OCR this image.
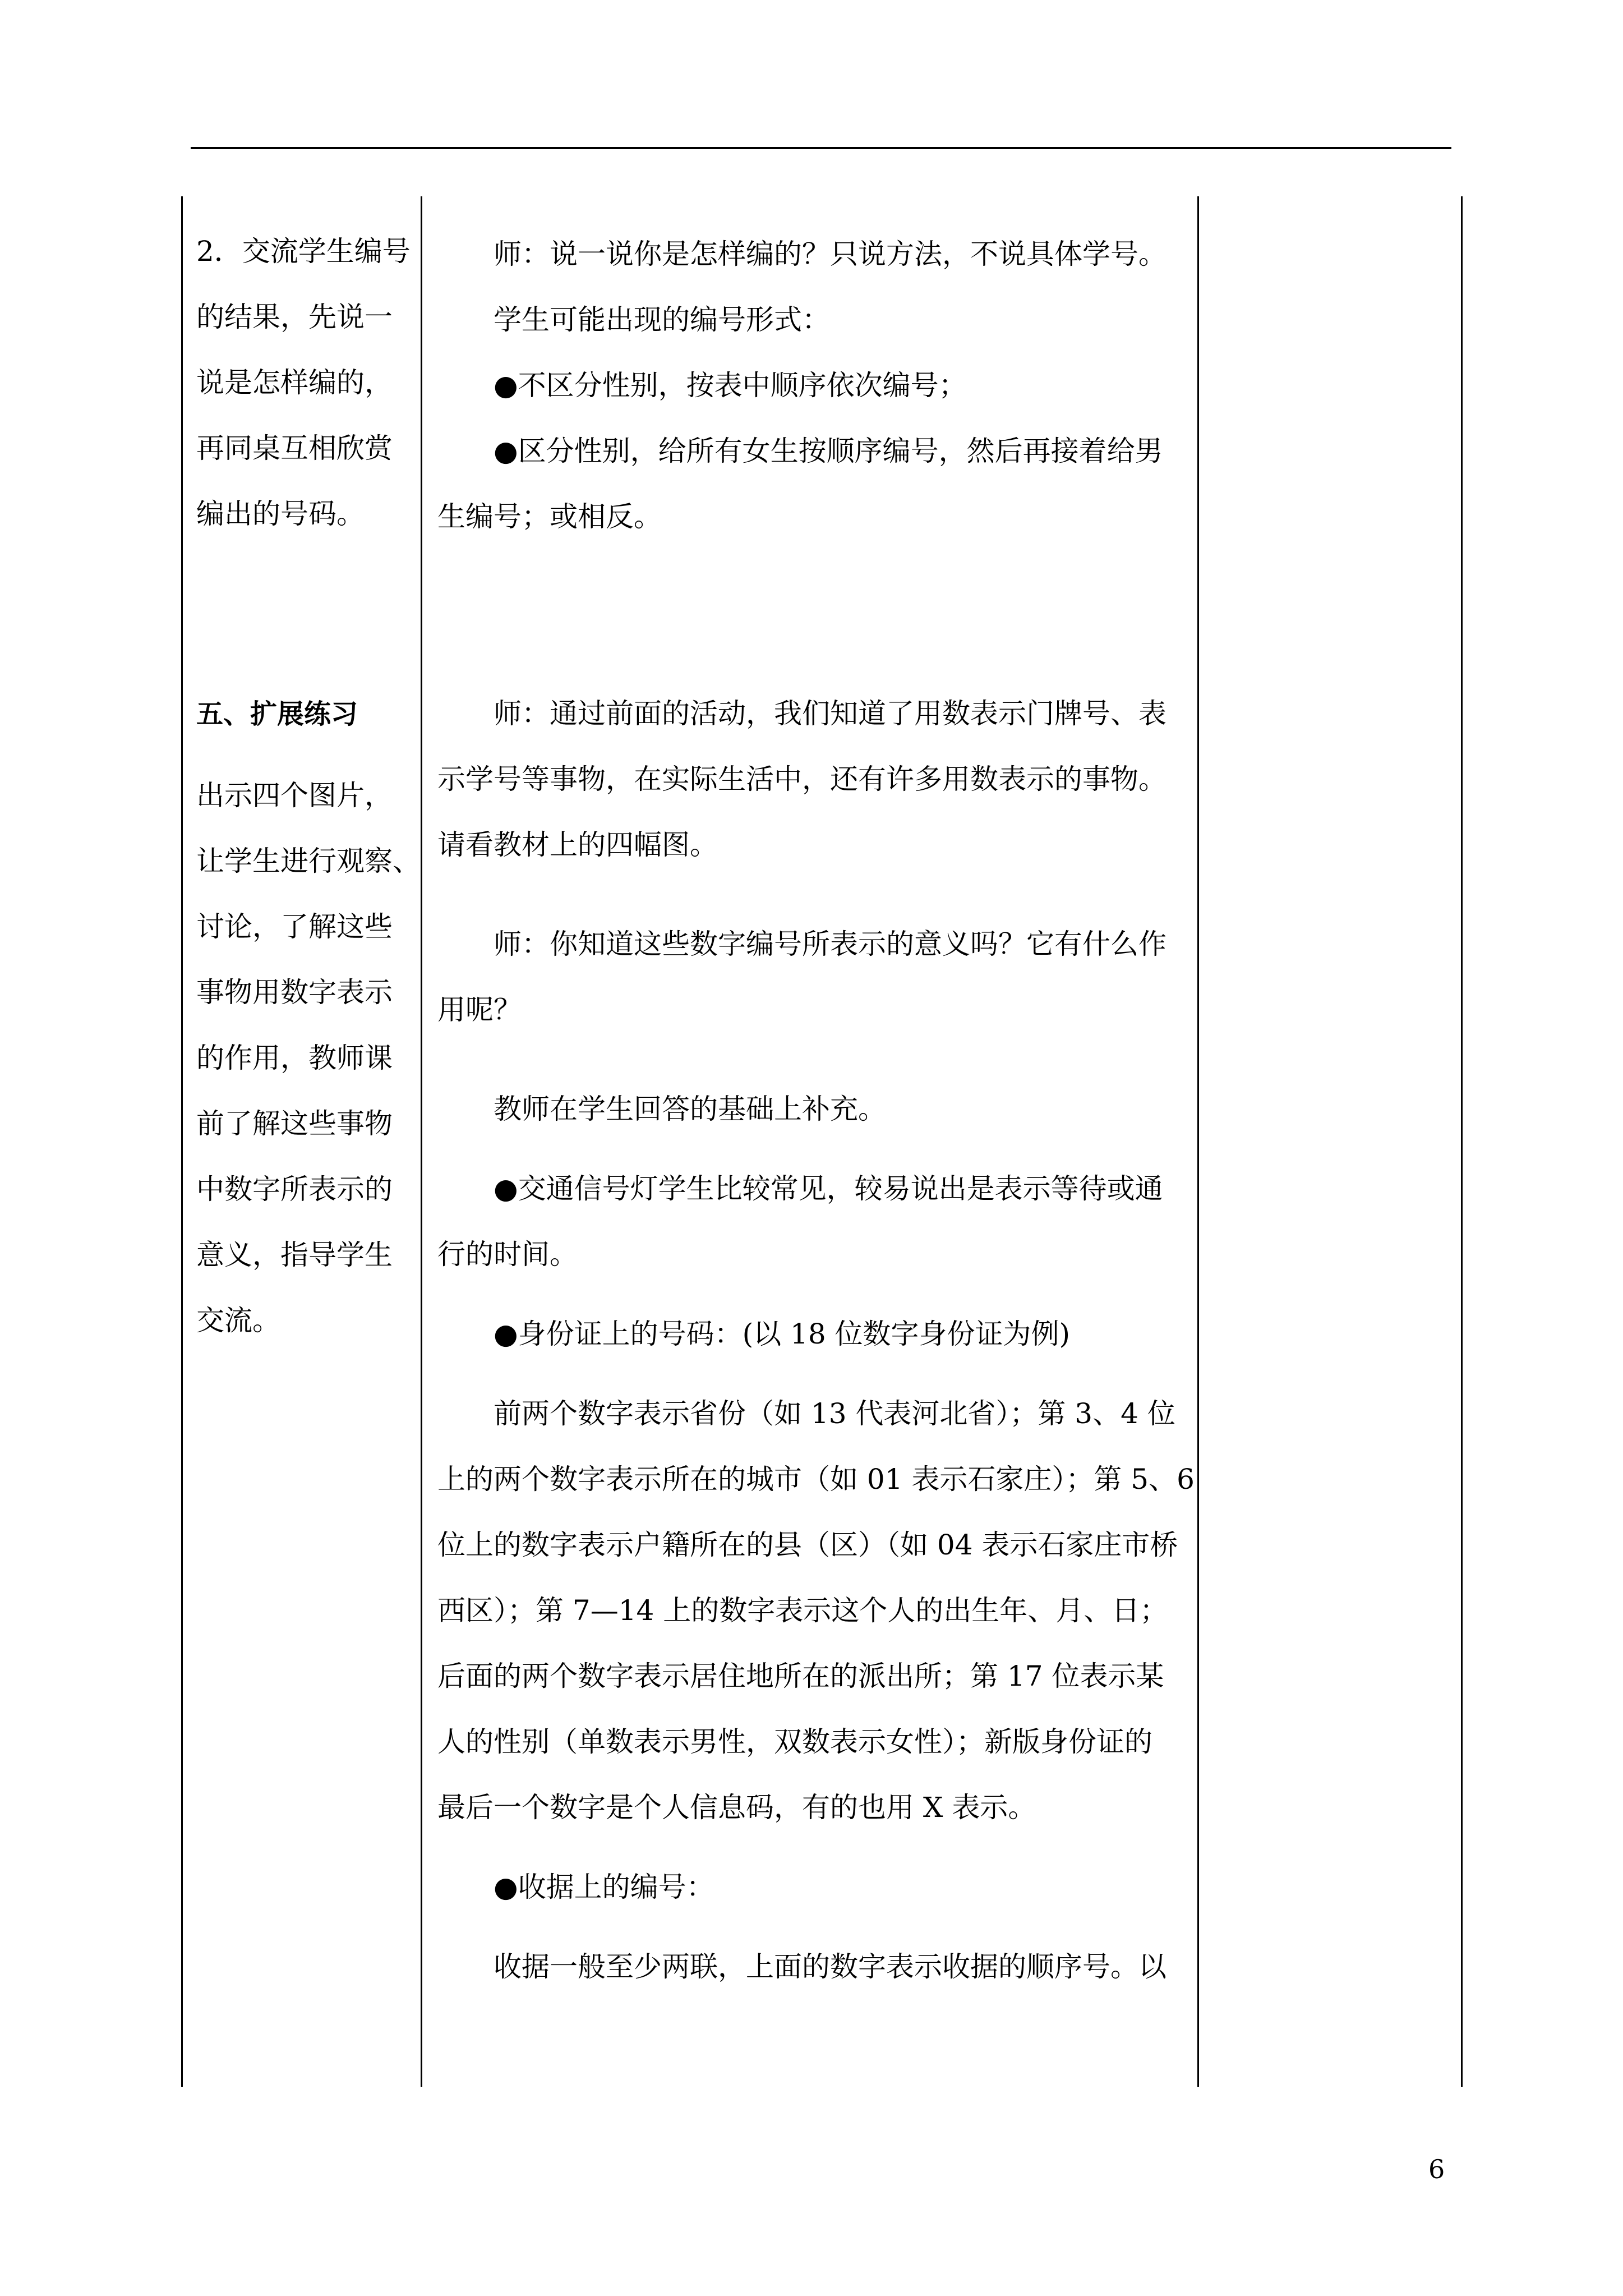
2．交流学生编号
的结果，先说一
说是怎样编的，
再同桌互相欣赏
编出的号码。
五、扩展练习
出示四个图片，
让学生进行观察、
讨论，了解这些
事物用数字表示
的作用，教师课
前了解这些事物
中数字所表示的
意义，指导学生
交流。
　　师：说一说你是怎样编的？只说方法，不说具体学号。
　　学生可能出现的编号形式：
　　●不区分性别，按表中顺序依次编号；
　　●区分性别，给所有女生按顺序编号，然后再接着给男
生编号；或相反。
　　师：通过前面的活动，我们知道了用数表示门牌号、表
示学号等事物，在实际生活中，还有许多用数表示的事物。
请看教材上的四幅图。
　　师：你知道这些数字编号所表示的意义吗？它有什么作
用呢？
　　教师在学生回答的基础上补充。
　　●交通信号灯学生比较常见，较易说出是表示等待或通
行的时间。
　　●身份证上的号码：(以 18 位数字身份证为例)
　　前两个数字表示省份（如 13 代表河北省）；第 3、4 位
上的两个数字表示所在的城市（如 01 表示石家庄）；第 5、6
位上的数字表示户籍所在的县（区）（如 04 表示石家庄市桥
西区）；第 7—14 上的数字表示这个人的出生年、月、日；
后面的两个数字表示居住地所在的派出所；第 17 位表示某
人的性别（单数表示男性，双数表示女性）；新版身份证的
最后一个数字是个人信息码，有的也用 X 表示。
　　●收据上的编号：
　　收据一般至少两联，上面的数字表示收据的顺序号。以
6
